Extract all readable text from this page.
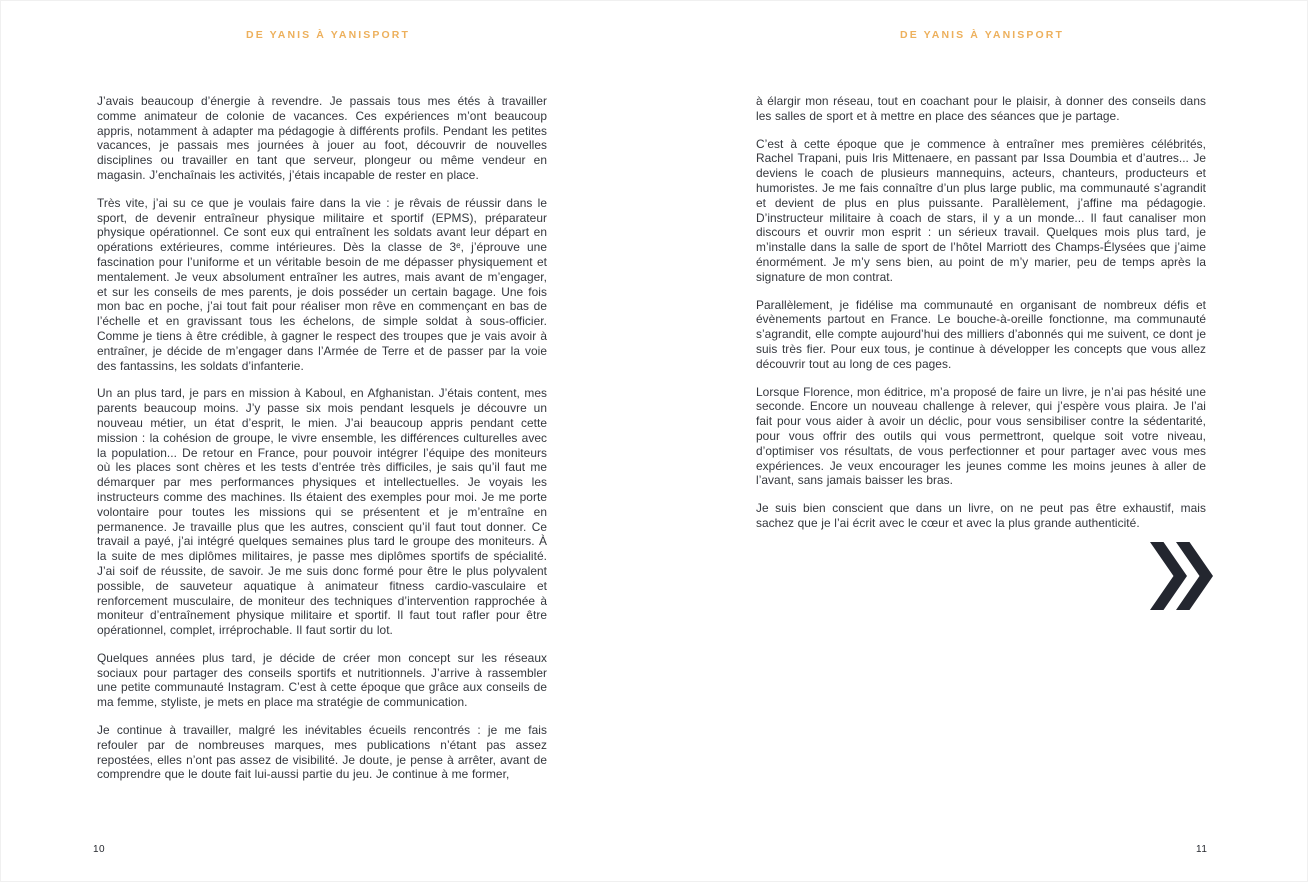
DE YANIS À YANISPORT

J’avais beaucoup d’énergie à revendre. Je passais tous mes étés à travailler comme animateur de colonie de vacances. Ces expériences m’ont beaucoup appris, notamment à adapter ma pédagogie à différents profils. Pendant les petites vacances, je passais mes journées à jouer au foot, découvrir de nouvelles disciplines ou travailler en tant que serveur, plongeur ou même vendeur en magasin. J’enchaînais les activités, j’étais incapable de rester en place.

Très vite, j’ai su ce que je voulais faire dans la vie : je rêvais de réussir dans le sport, de devenir entraîneur physique militaire et sportif (EPMS), préparateur physique opérationnel. Ce sont eux qui entraînent les soldats avant leur départ en opérations extérieures, comme intérieures. Dès la classe de 3ᵉ, j’éprouve une fascination pour l’uniforme et un véritable besoin de me dépasser physiquement et mentalement. Je veux absolument entraîner les autres, mais avant de m’engager, et sur les conseils de mes parents, je dois posséder un certain bagage. Une fois mon bac en poche, j’ai tout fait pour réaliser mon rêve en commençant en bas de l’échelle et en gravissant tous les échelons, de simple soldat à sous-officier. Comme je tiens à être crédible, à gagner le respect des troupes que je vais avoir à entraîner, je décide de m’engager dans l’Armée de Terre et de passer par la voie des fantassins, les soldats d’infanterie.

Un an plus tard, je pars en mission à Kaboul, en Afghanistan. J’étais content, mes parents beaucoup moins. J’y passe six mois pendant lesquels je découvre un nouveau métier, un état d’esprit, le mien. J’ai beaucoup appris pendant cette mission : la cohésion de groupe, le vivre ensemble, les différences culturelles avec la population... De retour en France, pour pouvoir intégrer l’équipe des moniteurs où les places sont chères et les tests d’entrée très difficiles, je sais qu’il faut me démarquer par mes performances physiques et intellectuelles. Je voyais les instructeurs comme des machines. Ils étaient des exemples pour moi. Je me porte volontaire pour toutes les missions qui se présentent et je m’entraîne en permanence. Je travaille plus que les autres, conscient qu’il faut tout donner. Ce travail a payé, j’ai intégré quelques semaines plus tard le groupe des moniteurs. À la suite de mes diplômes militaires, je passe mes diplômes sportifs de spécialité. J’ai soif de réussite, de savoir. Je me suis donc formé pour être le plus polyvalent possible, de sauveteur aquatique à animateur fitness cardio-vasculaire et renforcement musculaire, de moniteur des techniques d’intervention rapprochée à moniteur d’entraînement physique militaire et sportif. Il faut tout rafler pour être opérationnel, complet, irréprochable. Il faut sortir du lot.

Quelques années plus tard, je décide de créer mon concept sur les réseaux sociaux pour partager des conseils sportifs et nutritionnels. J’arrive à rassembler une petite communauté Instagram. C’est à cette époque que grâce aux conseils de ma femme, styliste, je mets en place ma stratégie de communication.

Je continue à travailler, malgré les inévitables écueils rencontrés : je me fais refouler par de nombreuses marques, mes publications n’étant pas assez repostées, elles n’ont pas assez de visibilité. Je doute, je pense à arrêter, avant de comprendre que le doute fait lui-aussi partie du jeu. Je continue à me former,

10
DE YANIS À YANISPORT

à élargir mon réseau, tout en coachant pour le plaisir, à donner des conseils dans les salles de sport et à mettre en place des séances que je partage.

C’est à cette époque que je commence à entraîner mes premières célébrités, Rachel Trapani, puis Iris Mittenaere, en passant par Issa Doumbia et d’autres... Je deviens le coach de plusieurs mannequins, acteurs, chanteurs, producteurs et humoristes. Je me fais connaître d’un plus large public, ma communauté s’agrandit et devient de plus en plus puissante. Parallèlement, j’affine ma pédagogie. D’instructeur militaire à coach de stars, il y a un monde... Il faut canaliser mon discours et ouvrir mon esprit : un sérieux travail. Quelques mois plus tard, je m’installe dans la salle de sport de l’hôtel Marriott des Champs-Élysées que j’aime énormément. Je m’y sens bien, au point de m’y marier, peu de temps après la signature de mon contrat.

Parallèlement, je fidélise ma communauté en organisant de nombreux défis et évènements partout en France. Le bouche-à-oreille fonctionne, ma communauté s’agrandit, elle compte aujourd’hui des milliers d’abonnés qui me suivent, ce dont je suis très fier. Pour eux tous, je continue à développer les concepts que vous allez découvrir tout au long de ces pages.

Lorsque Florence, mon éditrice, m’a proposé de faire un livre, je n’ai pas hésité une seconde. Encore un nouveau challenge à relever, qui j’espère vous plaira. Je l’ai fait pour vous aider à avoir un déclic, pour vous sensibiliser contre la sédentarité, pour vous offrir des outils qui vous permettront, quelque soit votre niveau, d’optimiser vos résultats, de vous perfectionner et pour partager avec vous mes expériences. Je veux encourager les jeunes comme les moins jeunes à aller de l’avant, sans jamais baisser les bras.

Je suis bien conscient que dans un livre, on ne peut pas être exhaustif, mais sachez que je l’ai écrit avec le cœur et avec la plus grande authenticité.

11
